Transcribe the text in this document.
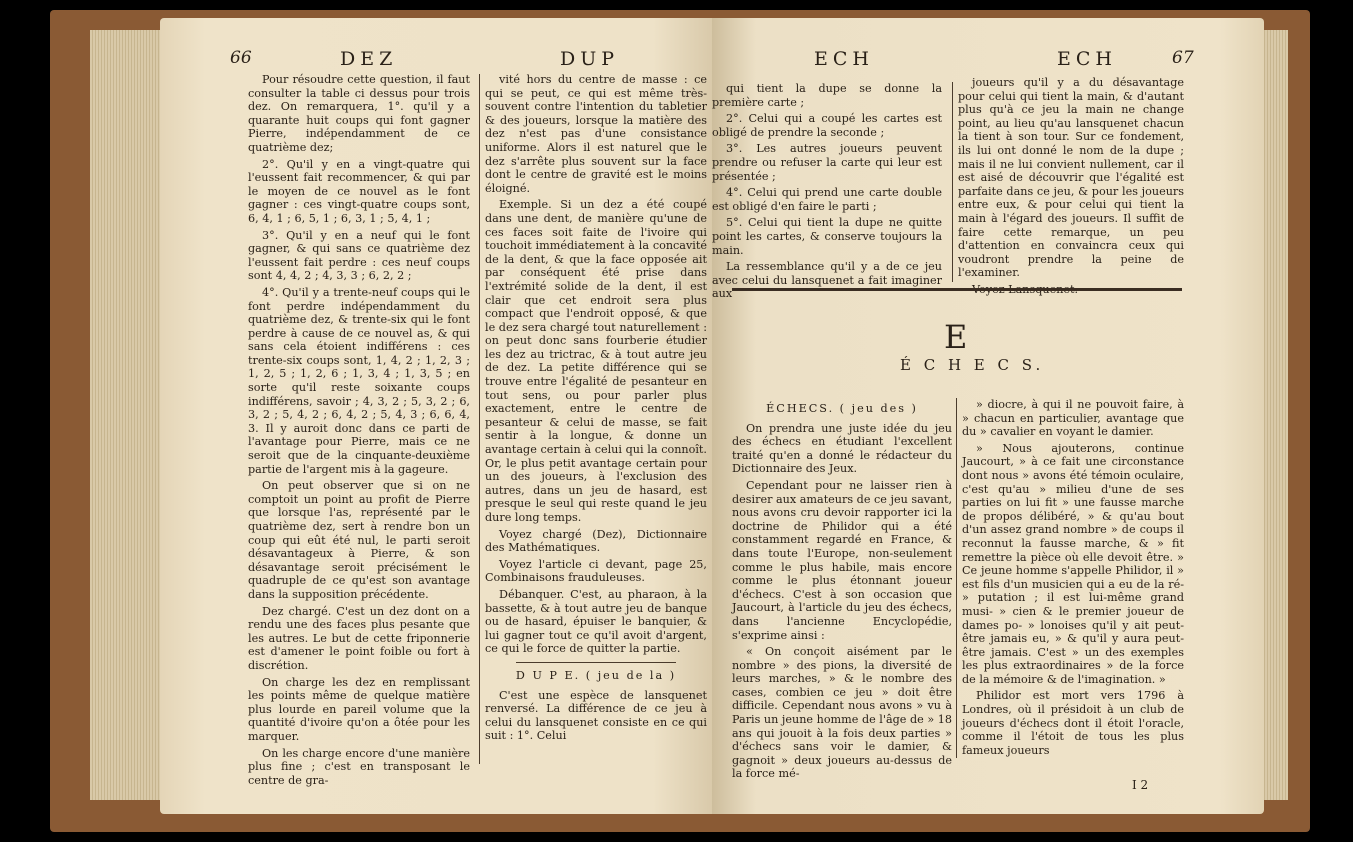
66	DEZ	DUP

Pour résoudre cette question, il faut consulter la table ci dessus pour trois dez. On remarquera, 1°. qu'il y a quarante huit coups qui font gagner Pierre, indépendamment de ce quatrième dez;

2°. Qu'il y en a vingt-quatre qui l'eussent fait recommencer, & qui par le moyen de ce nouvel as le font gagner : ces vingt-quatre coups sont, 6, 4, 1 ; 6, 5, 1 ; 6, 3, 1 ; 5, 4, 1 ;

3°. Qu'il y en a neuf qui le font gagner, & qui sans ce quatrième dez l'eussent fait perdre : ces neuf coups sont 4, 4, 2 ; 4, 3, 3 ; 6, 2, 2 ;

4°. Qu'il y a trente-neuf coups qui le font perdre indépendamment du quatrième dez, & trente-six qui le font perdre à cause de ce nouvel as, & qui sans cela étoient indifférens : ces trente-six coups sont, 1, 4, 2 ; 1, 2, 3 ; 1, 2, 5 ; 1, 2, 6 ; 1, 3, 4 ; 1, 3, 5 ; en sorte qu'il reste soixante coups indifférens, savoir ; 4, 3, 2 ; 5, 3, 2 ; 6, 3, 2 ; 5, 4, 2 ; 6, 4, 2 ; 5, 4, 3 ; 6, 6, 4, 3. Il y auroit donc dans ce parti de l'avantage pour Pierre, mais ce ne seroit que de la cinquante-deuxième partie de l'argent mis à la gageure.

On peut observer que si on ne comptoit un point au profit de Pierre que lorsque l'as, représenté par le quatrième dez, sert à rendre bon un coup qui eût été nul, le parti seroit désavantageux à Pierre, & son désavantage seroit précisément le quadruple de ce qu'est son avantage dans la supposition précédente.

Dez chargé. C'est un dez dont on a rendu une des faces plus pesante que les autres. Le but de cette friponnerie est d'amener le point foible ou fort à discrétion.

On charge les dez en remplissant les points même de quelque matière plus lourde en pareil volume que la quantité d'ivoire qu'on a ôtée pour les marquer.

On les charge encore d'une manière plus fine ; c'est en transposant le centre de gra-

vité hors du centre de masse : ce qui se peut, ce qui est même très-souvent contre l'intention du tabletier & des joueurs, lorsque la matière des dez n'est pas d'une consistance uniforme. Alors il est naturel que le dez s'arrête plus souvent sur la face dont le centre de gravité est le moins éloigné.

Exemple. Si un dez a été coupé dans une dent, de manière qu'une de ces faces soit faite de l'ivoire qui touchoit immédiatement à la concavité de la dent, & que la face opposée ait par conséquent été prise dans l'extrémité solide de la dent, il est clair que cet endroit sera plus compact que l'endroit opposé, & que le dez sera chargé tout naturellement : on peut donc sans fourberie étudier les dez au trictrac, & à tout autre jeu de dez. La petite différence qui se trouve entre l'égalité de pesanteur en tout sens, ou pour parler plus exactement, entre le centre de pesanteur & celui de masse, se fait sentir à la longue, & donne un avantage certain à celui qui la connoît. Or, le plus petit avantage certain pour un des joueurs, à l'exclusion des autres, dans un jeu de hasard, est presque le seul qui reste quand le jeu dure long temps.

Voyez chargé (Dez), Dictionnaire des Mathématiques.

Voyez l'article ci devant, page 25, Combinaisons frauduleuses.

Débanquer. C'est, au pharaon, à la bassette, & à tout autre jeu de banque ou de hasard, épuiser le banquier, & lui gagner tout ce qu'il avoit d'argent, ce qui le force de quitter la partie.

D U P E. ( jeu de la )

C'est une espèce de lansquenet renversé. La différence de ce jeu à celui du lansquenet consiste en ce qui suit : 1°. Celui

ECH	ECH	67

qui tient la dupe se donne la première carte ;

2°. Celui qui a coupé les cartes est obligé de prendre la seconde ;

3°. Les autres joueurs peuvent prendre ou refuser la carte qui leur est présentée ;

4°. Celui qui prend une carte double est obligé d'en faire le parti ;

5°. Celui qui tient la dupe ne quitte point les cartes, & conserve toujours la main.

La ressemblance qu'il y a de ce jeu avec celui du lansquenet a fait imaginer aux

joueurs qu'il y a du désavantage pour celui qui tient la main, & d'autant plus qu'à ce jeu la main ne change point, au lieu qu'au lansquenet chacun la tient à son tour. Sur ce fondement, ils lui ont donné le nom de la dupe ; mais il ne lui convient nullement, car il est aisé de découvrir que l'égalité est parfaite dans ce jeu, & pour les joueurs entre eux, & pour celui qui tient la main à l'égard des joueurs. Il suffit de faire cette remarque, un peu d'attention en convaincra ceux qui voudront prendre la peine de l'examiner.

E
É C H E C S.

ÉCHECS. ( jeu des )

On prendra une juste idée du jeu des échecs en étudiant l'excellent traité qu'en a donné le rédacteur du Dictionnaire des Jeux.

Cependant pour ne laisser rien à desirer aux amateurs de ce jeu savant, nous avons cru devoir rapporter ici la doctrine de Philidor qui a été constamment regardé en France, & dans toute l'Europe, non-seulement comme le plus habile, mais encore comme le plus étonnant joueur d'échecs. C'est à son occasion que Jaucourt, à l'article du jeu des échecs, dans l'ancienne Encyclopédie, s'exprime ainsi :

« On conçoit aisément par le nombre » des pions, la diversité de leurs marches, » & le nombre des cases, combien ce jeu » doit être difficile. Cependant nous avons » vu à Paris un jeune homme de l'âge de » 18 ans qui jouoit à la fois deux parties » d'échecs sans voir le damier, & gagnoit » deux joueurs au-dessus de la force mé-

» diocre, à qui il ne pouvoit faire, à » chacun en particulier, avantage que du » cavalier en voyant le damier.

» Nous ajouterons, continue Jaucourt, » à ce fait une circonstance dont nous » avons été témoin oculaire, c'est qu'au » milieu d'une de ses parties on lui fit » une fausse marche de propos délibéré, » & qu'au bout d'un assez grand nombre » de coups il reconnut la fausse marche, & » fit remettre la pièce où elle devoit être. » Ce jeune homme s'appelle Philidor, il » est fils d'un musicien qui a eu de la ré- » putation ; il est lui-même grand musi- » cien & le premier joueur de dames po- » lonoises qu'il y ait peut-être jamais eu, » & qu'il y aura peut-être jamais. C'est » un des exemples les plus extraordinaires » de la force de la mémoire & de l'imagination. »

Philidor est mort vers 1796 à Londres, où il présidoit à un club de joueurs d'échecs dont il étoit l'oracle, comme il l'étoit de tous les plus fameux joueurs

I 2
